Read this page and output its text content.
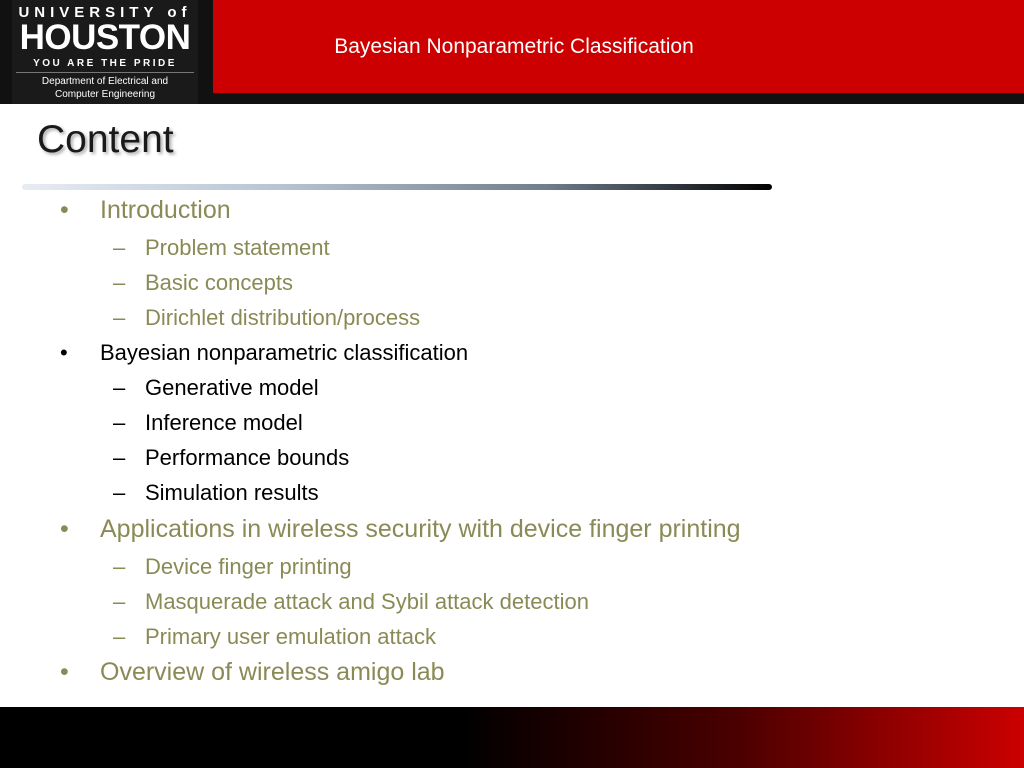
Bayesian Nonparametric Classification
UNIVERSITY of
HOUSTON
YOU ARE THE PRIDE
Department of Electrical and
Computer Engineering
Content
• Introduction
– Problem statement
– Basic concepts
– Dirichlet distribution/process
• Bayesian nonparametric classification
– Generative model
– Inference model
– Performance bounds
– Simulation results
• Applications in wireless security with device finger printing
– Device finger printing
– Masquerade attack and Sybil attack detection
– Primary user emulation attack
• Overview of wireless amigo lab
